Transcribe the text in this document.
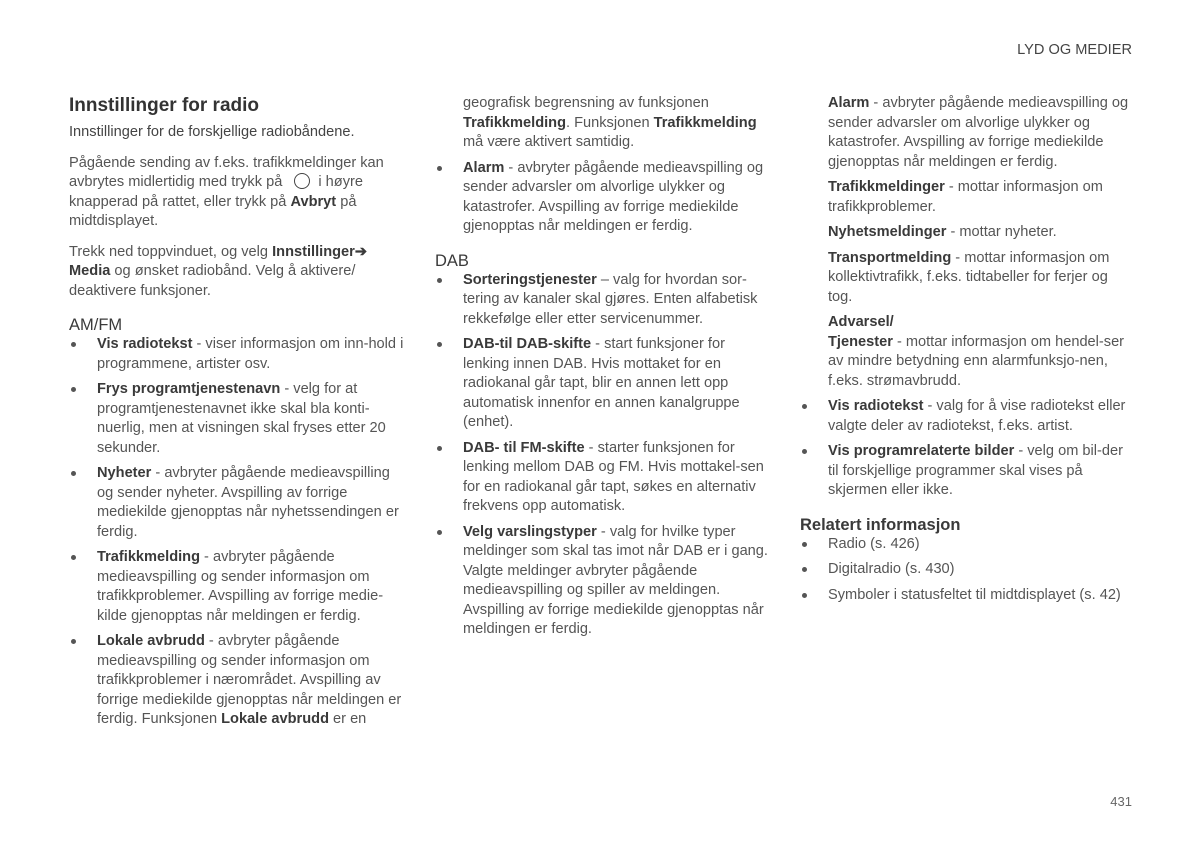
LYD OG MEDIER
Innstillinger for radio

Innstillinger for de forskjellige radiobåndene.

Pågående sending av f.eks. trafikkmeldinger kan avbrytes midlertidig med trykk på i høyre knapperad på rattet, eller trykk på Avbryt på midtdisplayet.

Trekk ned toppvinduet, og velg Innstillinger➔ Media og ønsket radiobånd. Velg å aktivere/ deaktivere funksjoner.

AM/FM
Vis radiotekst - viser informasjon om inn-hold i programmene, artister osv.
Frys programtjenestenavn - velg for at programtjenestenavnet ikke skal bla konti-nuerlig, men at visningen skal fryses etter 20 sekunder.
Nyheter - avbryter pågående medieavspilling og sender nyheter. Avspilling av forrige mediekilde gjenopptas når nyhetssendingen er ferdig.
Trafikkmelding - avbryter pågående medieavspilling og sender informasjon om trafikkproblemer. Avspilling av forrige medie-kilde gjenopptas når meldingen er ferdig.
Lokale avbrudd - avbryter pågående medieavspilling og sender informasjon om trafikkproblemer i nærområdet. Avspilling av forrige mediekilde gjenopptas når meldingen er ferdig. Funksjonen Lokale avbrudd er en
geografisk begrensning av funksjonen Trafikkmelding. Funksjonen Trafikkmelding må være aktivert samtidig.
Alarm - avbryter pågående medieavspilling og sender advarsler om alvorlige ulykker og katastrofer. Avspilling av forrige mediekilde gjenopptas når meldingen er ferdig.
DAB
Sorteringstjenester – valg for hvordan sor-tering av kanaler skal gjøres. Enten alfabetisk rekkefølge eller etter servicenummer.
DAB-til DAB-skifte - start funksjoner for lenking innen DAB. Hvis mottaket for en radiokanal går tapt, blir en annen lett opp automatisk innenfor en annen kanalgruppe (enhet).
DAB- til FM-skifte - starter funksjonen for lenking mellom DAB og FM. Hvis mottakel-sen for en radiokanal går tapt, søkes en alternativ frekvens opp automatisk.
Velg varslingstyper - valg for hvilke typer meldinger som skal tas imot når DAB er i gang. Valgte meldinger avbryter pågående medieavspilling og spiller av meldingen. Avspilling av forrige mediekilde gjenopptas når meldingen er ferdig.
Alarm - avbryter pågående medieavspilling og sender advarsler om alvorlige ulykker og katastrofer. Avspilling av forrige mediekilde gjenopptas når meldingen er ferdig.
Trafikkmeldinger - mottar informasjon om trafikkproblemer.
Nyhetsmeldinger - mottar nyheter.
Transportmelding - mottar informasjon om kollektivtrafikk, f.eks. tidtabeller for ferjer og tog.
Advarsel/
Tjenester - mottar informasjon om hendel-ser av mindre betydning enn alarmfunksjo-nen, f.eks. strømavbrudd.
Vis radiotekst - valg for å vise radiotekst eller valgte deler av radiotekst, f.eks. artist.
Vis programrelaterte bilder - velg om bil-der til forskjellige programmer skal vises på skjermen eller ikke.
Relatert informasjon
Radio (s. 426)
Digitalradio (s. 430)
Symboler i statusfeltet til midtdisplayet (s. 42)
431
